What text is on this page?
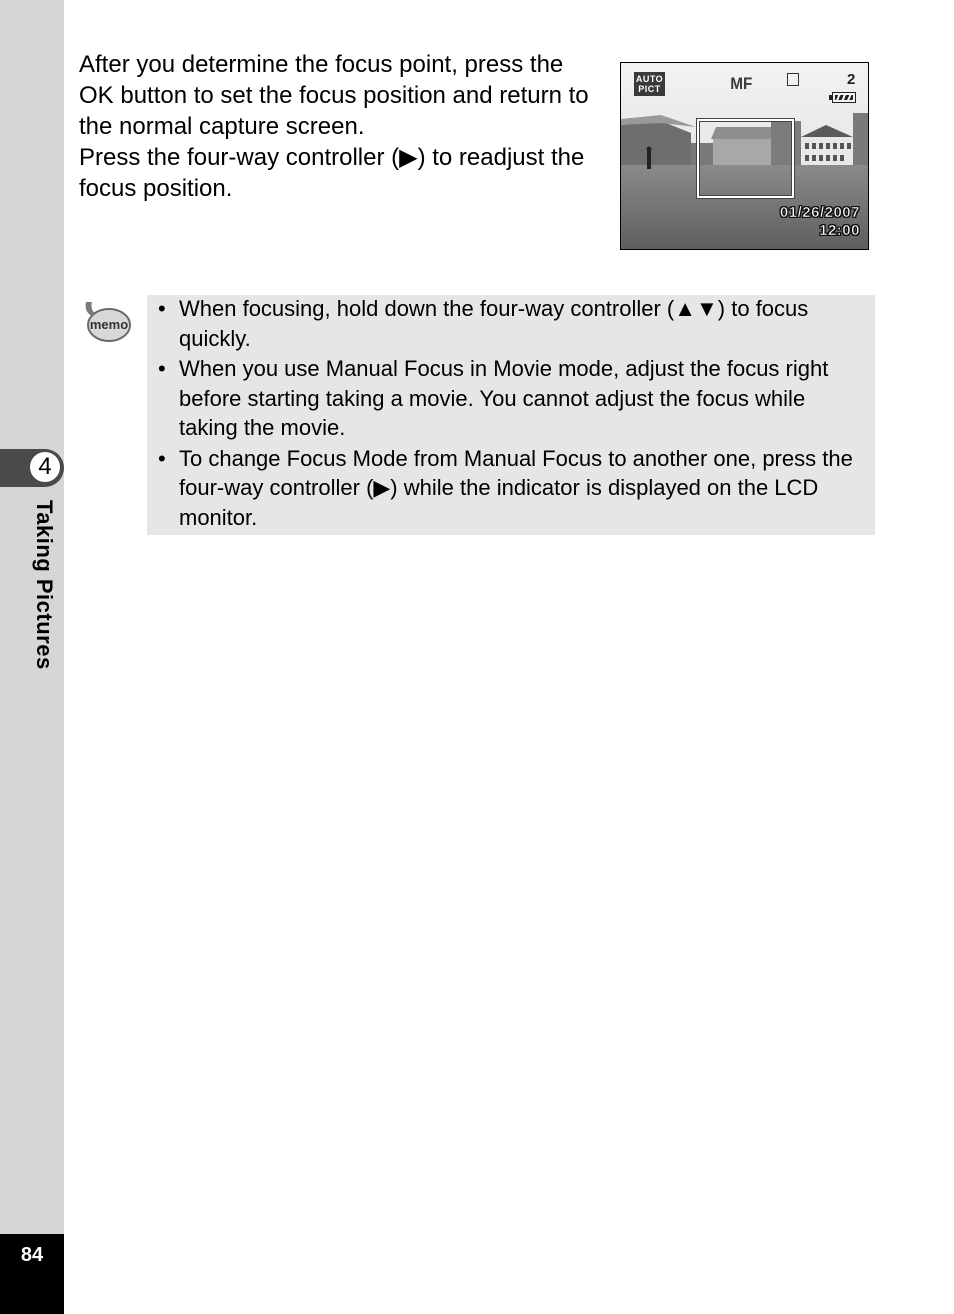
4
Taking Pictures
84

After you determine the focus point, press the OK button to set the focus position and return to the normal capture screen.

Press the four-way controller (▶) to readjust the focus position.

AUTO PICT	MF	2
01/26/2007
12:00
memo
• When focusing, hold down the four-way controller (▲▼) to focus quickly.
• When you use Manual Focus in Movie mode, adjust the focus right before starting taking a movie. You cannot adjust the focus while taking the movie.
• To change Focus Mode from Manual Focus to another one, press the four-way controller (▶) while the indicator is displayed on the LCD monitor.
